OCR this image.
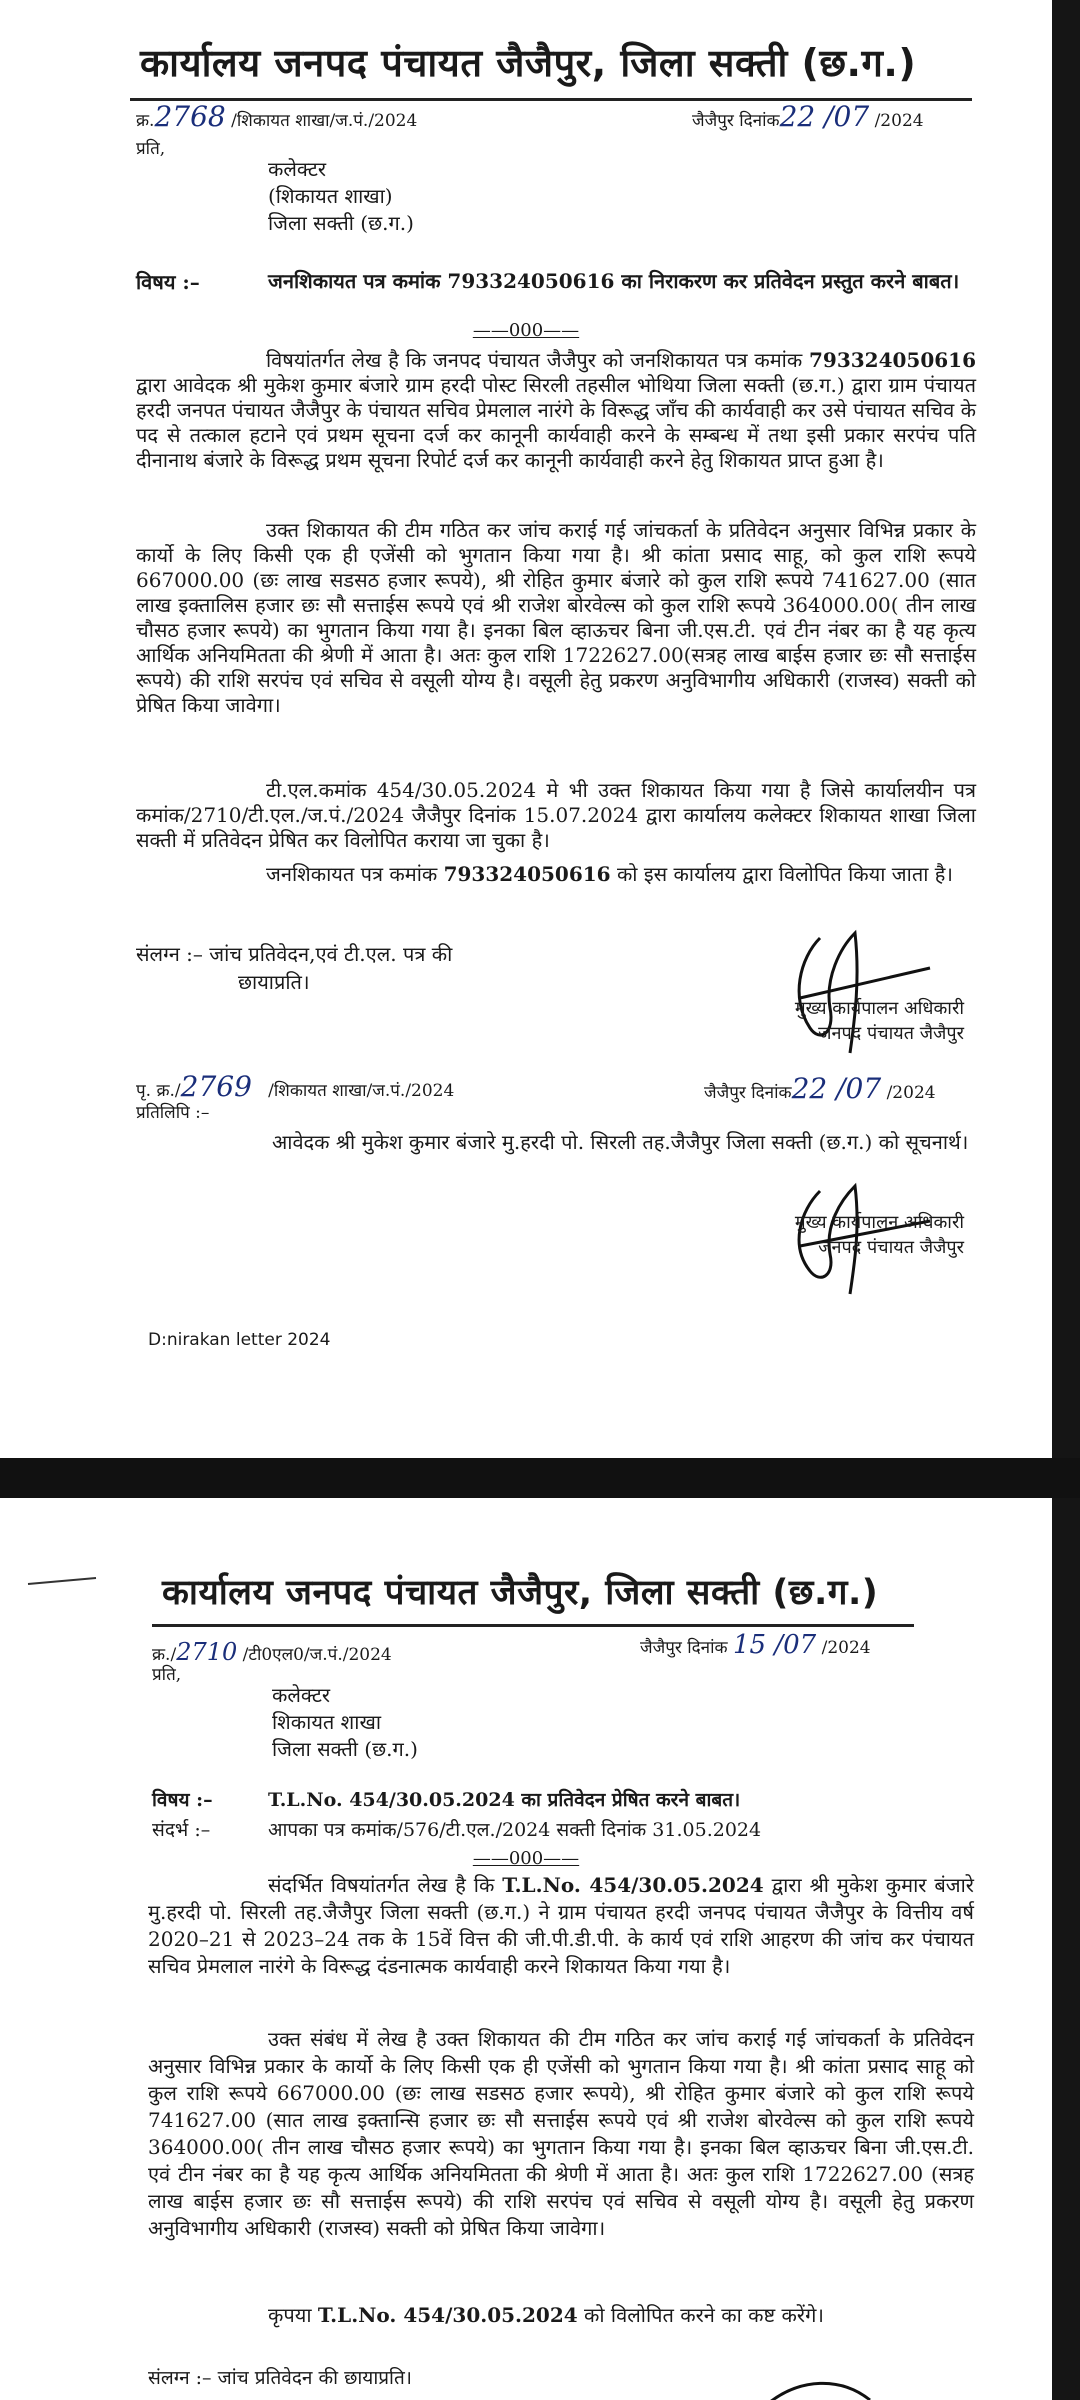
कार्यालय जनपद पंचायत जैजैपुर, जिला सक्ती (छ.ग.)
क्र.2768 /शिकायत शाखा/ज.पं./2024	जैजैपुर दिनांक22 /07 /2024
प्रति,
कलेक्टर
(शिकायत शाखा)
जिला सक्ती (छ.ग.)
विषय :–	जनशिकायत पत्र कमांक 793324050616 का निराकरण कर प्रतिवेदन प्रस्तुत करने बाबत।
——000——
विषयांतर्गत लेख है कि जनपद पंचायत जैजैपुर को जनशिकायत पत्र कमांक 793324050616 द्वारा आवेदक श्री मुकेश कुमार बंजारे ग्राम हरदी पोस्ट सिरली तहसील भोथिया जिला सक्ती (छ.ग.) द्वारा ग्राम पंचायत हरदी जनपत पंचायत जैजैपुर के पंचायत सचिव प्रेमलाल नारंगे के विरूद्ध जाँच की कार्यवाही कर उसे पंचायत सचिव के पद से तत्काल हटाने एवं प्रथम सूचना दर्ज कर कानूनी कार्यवाही करने के सम्बन्ध में तथा इसी प्रकार सरपंच पति दीनानाथ बंजारे के विरूद्ध प्रथम सूचना रिपोर्ट दर्ज कर कानूनी कार्यवाही करने हेतु शिकायत प्राप्त हुआ है।
उक्त शिकायत की टीम गठित कर जांच कराई गई जांचकर्ता के प्रतिवेदन अनुसार विभिन्न प्रकार के कार्यो के लिए किसी एक ही एजेंसी को भुगतान किया गया है। श्री कांता प्रसाद साहू, को कुल राशि रूपये 667000.00 (छः लाख सडसठ हजार रूपये), श्री रोहित कुमार बंजारे को कुल राशि रूपये 741627.00 (सात लाख इक्तालिस हजार छः सौ सत्ताईस रूपये एवं श्री राजेश बोरवेल्स को कुल राशि रूपये 364000.00( तीन लाख चौसठ हजार रूपये) का भुगतान किया गया है। इनका बिल व्हाऊचर बिना जी.एस.टी. एवं टीन नंबर का है यह कृत्य आर्थिक अनियमितता की श्रेणी में आता है। अतः कुल राशि 1722627.00(सत्रह लाख बाईस हजार छः सौ सत्ताईस रूपये) की राशि सरपंच एवं सचिव से वसूली योग्य है। वसूली हेतु प्रकरण अनुविभागीय अधिकारी (राजस्व) सक्ती को प्रेषित किया जावेगा।
टी.एल.कमांक 454/30.05.2024 मे भी उक्त शिकायत किया गया है जिसे कार्यालयीन पत्र कमांक/2710/टी.एल./ज.पं./2024 जैजैपुर दिनांक 15.07.2024 द्वारा कार्यालय कलेक्टर शिकायत शाखा जिला सक्ती में प्रतिवेदन प्रेषित कर विलोपित कराया जा चुका है।
जनशिकायत पत्र कमांक 793324050616 को इस कार्यालय द्वारा विलोपित किया जाता है।
संलग्न :– जांच प्रतिवेदन,एवं टी.एल. पत्र की
छायाप्रति।
मुख्य कार्यपालन अधिकारी
जनपद पंचायत जैजैपुर
पृ. क्र./2769 /शिकायत शाखा/ज.पं./2024	जैजैपुर दिनांक22 /07 /2024
प्रतिलिपि :–
आवेदक श्री मुकेश कुमार बंजारे मु.हरदी पो. सिरली तह.जैजैपुर जिला सक्ती (छ.ग.) को सूचनार्थ।
मुख्य कार्यपालन अधिकारी
जनपद पंचायत जैजैपुर
D:nirakan letter 2024
कार्यालय जनपद पंचायत जैजैपुर, जिला सक्ती (छ.ग.)
क्र./2710 /टी0एल0/ज.पं./2024	जैजैपुर दिनांक 15 /07 /2024
प्रति,
कलेक्टर
शिकायत शाखा
जिला सक्ती (छ.ग.)
विषय :–	T.L.No. 454/30.05.2024 का प्रतिवेदन प्रेषित करने बाबत।
संदर्भ :–	आपका पत्र कमांक/576/टी.एल./2024 सक्ती दिनांक 31.05.2024
——000——
संदर्भित विषयांतर्गत लेख है कि T.L.No. 454/30.05.2024 द्वारा श्री मुकेश कुमार बंजारे मु.हरदी पो. सिरली तह.जैजैपुर जिला सक्ती (छ.ग.) ने ग्राम पंचायत हरदी जनपद पंचायत जैजैपुर के वित्तीय वर्ष 2020–21 से 2023–24 तक के 15वें वित्त की जी.पी.डी.पी. के कार्य एवं राशि आहरण की जांच कर पंचायत सचिव प्रेमलाल नारंगे के विरूद्ध दंडनात्मक कार्यवाही करने शिकायत किया गया है।
उक्त संबंध में लेख है उक्त शिकायत की टीम गठित कर जांच कराई गई जांचकर्ता के प्रतिवेदन अनुसार विभिन्न प्रकार के कार्यो के लिए किसी एक ही एजेंसी को भुगतान किया गया है। श्री कांता प्रसाद साहू को कुल राशि रूपये 667000.00 (छः लाख सडसठ हजार रूपये), श्री रोहित कुमार बंजारे को कुल राशि रूपये 741627.00 (सात लाख इक्तान्सि हजार छः सौ सत्ताईस रूपये एवं श्री राजेश बोरवेल्स को कुल राशि रूपये 364000.00( तीन लाख चौसठ हजार रूपये) का भुगतान किया गया है। इनका बिल व्हाऊचर बिना जी.एस.टी. एवं टीन नंबर का है यह कृत्य आर्थिक अनियमितता की श्रेणी में आता है। अतः कुल राशि 1722627.00 (सत्रह लाख बाईस हजार छः सौ सत्ताईस रूपये) की राशि सरपंच एवं सचिव से वसूली योग्य है। वसूली हेतु प्रकरण अनुविभागीय अधिकारी (राजस्व) सक्ती को प्रेषित किया जावेगा।
कृपया T.L.No. 454/30.05.2024 को विलोपित करने का कष्ट करेंगे।
संलग्न :– जांच प्रतिवेदन की छायाप्रति।
